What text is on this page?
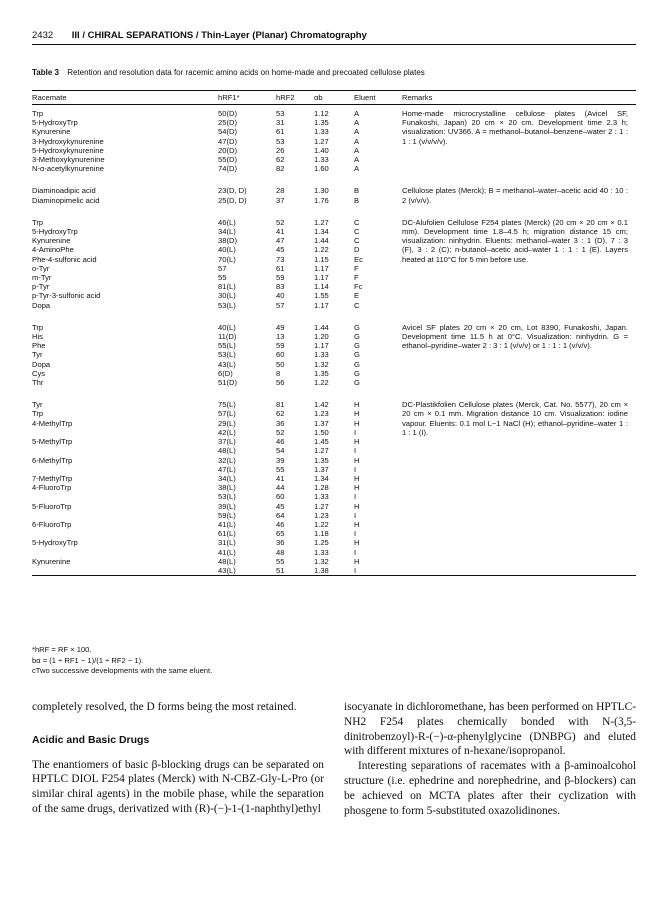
2432 III / CHIRAL SEPARATIONS / Thin-Layer (Planar) Chromatography
Table 3 Retention and resolution data for racemic amino acids on home-made and precoated cellulose plates
Racemate	hRF1*	hRF2	αb	Eluent	Remarks

Trp	50(D)	53	1.12	A	Home-made microcrystalline cellulose plates (Avicel SF, Funakoshi, Japan) 20 cm × 20 cm. Development time 2.3 h; visualization: UV366. A = methanol–butanol–benzene–water 2 : 1 : 1 : 1 (v/v/v/v).

5-HydroxyTrp	25(D)	31	1.35	A	
Kynurenine	54(D)	61	1.33	A	
3-Hydroxykynurenine	47(D)	53	1.27	A	
5-Hydroxykynurenine	20(D)	26	1.40	A	
3-Methoxykynurenine	55(D)	62	1.33	A	
N-α-acetylkynurenine	74(D)	82	1.60	A	

Diaminoadipic acid	23(D, D)	28	1.30	B	Cellulose plates (Merck); B = methanol–water–acetic acid 40 : 10 : 2 (v/v/v).

Diaminopimelic acid	25(D, D)	37	1.76	B	

Trp	46(L)	52	1.27	C	DC-Alufolien Cellulose F254 plates (Merck) (20 cm × 20 cm × 0.1 mm). Development time 1.8–4.5 h; migration distance 15 cm; visualization: ninhydrin. Eluents: methanol–water 3 : 1 (D), 7 : 3 (F), 3 : 2 (C); n-butanol–acetic acid–water 1 : 1 : 1 (E). Layers heated at 110°C for 5 min before use.

5-HydroxyTrp	34(L)	41	1.34	C	
Kynurenine	38(D)	47	1.44	C	
4-AminoPhe	40(L)	45	1.22	D	
Phe-4-sulfonic acid	70(L)	73	1.15	Ec	
o-Tyr	57	61	1.17	F	
m-Tyr	55	59	1.17	F	
p-Tyr	81(L)	83	1.14	Fc	
p-Tyr-3-sulfonic acid	30(L)	40	1.55	E	
Dopa	53(L)	57	1.17	C	

Trp	40(L)	49	1.44	G	Avicel SF plates 20 cm × 20 cm, Lot 8390, Funakoshi, Japan. Development time 11.5 h at 0°C. Visualization: ninhydrin. G = ethanol–pyridine–water 2 : 3 : 1 (v/v/v) or 1 : 1 : 1 (v/v/v).

His	11(D)	13	1.20	G	
Phe	55(L)	59	1.17	G	
Tyr	53(L)	60	1.33	G	
Dopa	43(L)	50	1.32	G	
Cys	6(D)	8	1.35	G	
Thr	51(D)	56	1.22	G	

Tyr	75(L)	81	1.42	H	DC-Plastikfolien Cellulose plates (Merck, Cat. No. 5577), 20 cm × 20 cm × 0.1 mm. Migration distance 10 cm. Visualization: iodine vapour. Eluents: 0.1 mol L−1 NaCl (H); ethanol–pyridine–water 1 : 1 : 1 (I).

Trp	57(L)	62	1.23	H	
4-MethylTrp	29(L)	36	1.37	H	
	42(L)	52	1.50	I	
5-MethylTrp	37(L)	46	1.45	H	
	48(L)	54	1.27	I	
6-MethylTrp	32(L)	39	1.35	H	
	47(L)	55	1.37	I	
7-MethylTrp	34(L)	41	1.34	H	
4-FluoroTrp	38(L)	44	1.28	H	
	53(L)	60	1.33	I	
5-FluoroTrp	39(L)	45	1.27	H	
	59(L)	64	1.23	I	
6-FluoroTrp	41(L)	46	1.22	H	
	61(L)	65	1.18	I	
5-HydroxyTrp	31(L)	36	1.25	H	
	41(L)	48	1.33	I	
Kynurenine	48(L)	55	1.32	H	
	43(L)	51	1.38	I	

*hRF = RF × 100.
bα = (1 ÷ RF1 − 1)/(1 ÷ RF2 − 1).
cTwo successive developments with the same eluent.

completely resolved, the D forms being the most retained.

Acidic and Basic Drugs

The enantiomers of basic β-blocking drugs can be separated on HPTLC DIOL F254 plates (Merck) with N-CBZ-Gly-L-Pro (or similar chiral agents) in the mobile phase, while the separation of the same drugs, derivatized with (R)-(−)-1-(1-naphthyl)ethyl

isocyanate in dichloromethane, has been performed on HPTLC-NH2 F254 plates chemically bonded with N-(3,5-dinitrobenzoyl)-R-(−)-α-phenylglycine (DNBPG) and eluted with different mixtures of n-hexane/isopropanol.

Interesting separations of racemates with a β-aminoalcohol structure (i.e. ephedrine and norephedrine, and β-blockers) can be achieved on MCTA plates after their cyclization with phosgene to form 5-substituted oxazolidinones.
